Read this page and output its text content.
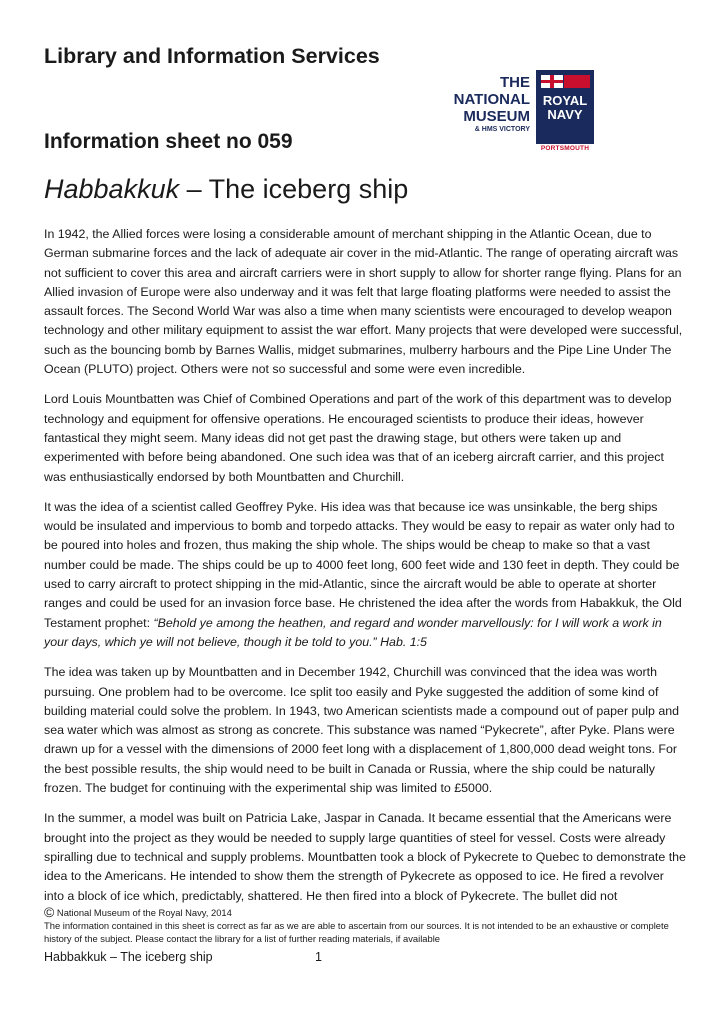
Library and Information Services
THE
NATIONAL
MUSEUM
& HMS VICTORY
ROYAL
NAVY
PORTSMOUTH
Information sheet no 059
Habbakkuk – The iceberg ship

In 1942, the Allied forces were losing a considerable amount of merchant shipping in the Atlantic Ocean, due to German submarine forces and the lack of adequate air cover in the mid-Atlantic. The range of operating aircraft was not sufficient to cover this area and aircraft carriers were in short supply to allow for shorter range flying. Plans for an Allied invasion of Europe were also underway and it was felt that large floating platforms were needed to assist the assault forces. The Second World War was also a time when many scientists were encouraged to develop weapon technology and other military equipment to assist the war effort. Many projects that were developed were successful, such as the bouncing bomb by Barnes Wallis, midget submarines, mulberry harbours and the Pipe Line Under The Ocean (PLUTO) project. Others were not so successful and some were even incredible.

Lord Louis Mountbatten was Chief of Combined Operations and part of the work of this department was to develop technology and equipment for offensive operations. He encouraged scientists to produce their ideas, however fantastical they might seem. Many ideas did not get past the drawing stage, but others were taken up and experimented with before being abandoned. One such idea was that of an iceberg aircraft carrier, and this project was enthusiastically endorsed by both Mountbatten and Churchill.

It was the idea of a scientist called Geoffrey Pyke. His idea was that because ice was unsinkable, the berg ships would be insulated and impervious to bomb and torpedo attacks. They would be easy to repair as water only had to be poured into holes and frozen, thus making the ship whole. The ships would be cheap to make so that a vast number could be made. The ships could be up to 4000 feet long, 600 feet wide and 130 feet in depth. They could be used to carry aircraft to protect shipping in the mid-Atlantic, since the aircraft would be able to operate at shorter ranges and could be used for an invasion force base. He christened the idea after the words from Habakkuk, the Old Testament prophet: “Behold ye among the heathen, and regard and wonder marvellously: for I will work a work in your days, which ye will not believe, though it be told to you.” Hab. 1:5

The idea was taken up by Mountbatten and in December 1942, Churchill was convinced that the idea was worth pursuing. One problem had to be overcome. Ice split too easily and Pyke suggested the addition of some kind of building material could solve the problem. In 1943, two American scientists made a compound out of paper pulp and sea water which was almost as strong as concrete. This substance was named “Pykecrete”, after Pyke. Plans were drawn up for a vessel with the dimensions of 2000 feet long with a displacement of 1,800,000 dead weight tons. For the best possible results, the ship would need to be built in Canada or Russia, where the ship could be naturally frozen. The budget for continuing with the experimental ship was limited to £5000.

In the summer, a model was built on Patricia Lake, Jaspar in Canada. It became essential that the Americans were brought into the project as they would be needed to supply large quantities of steel for vessel. Costs were already spiralling due to technical and supply problems. Mountbatten took a block of Pykecrete to Quebec to demonstrate the idea to the Americans. He intended to show them the strength of Pykecrete as opposed to ice. He fired a revolver into a block of ice which, predictably, shattered. He then fired into a block of Pykecrete. The bullet did not

© National Museum of the Royal Navy, 2014
The information contained in this sheet is correct as far as we are able to ascertain from our sources. It is not intended to be an exhaustive or complete history of the subject. Please contact the library for a list of further reading materials, if available
Habbakkuk – The iceberg ship	1
